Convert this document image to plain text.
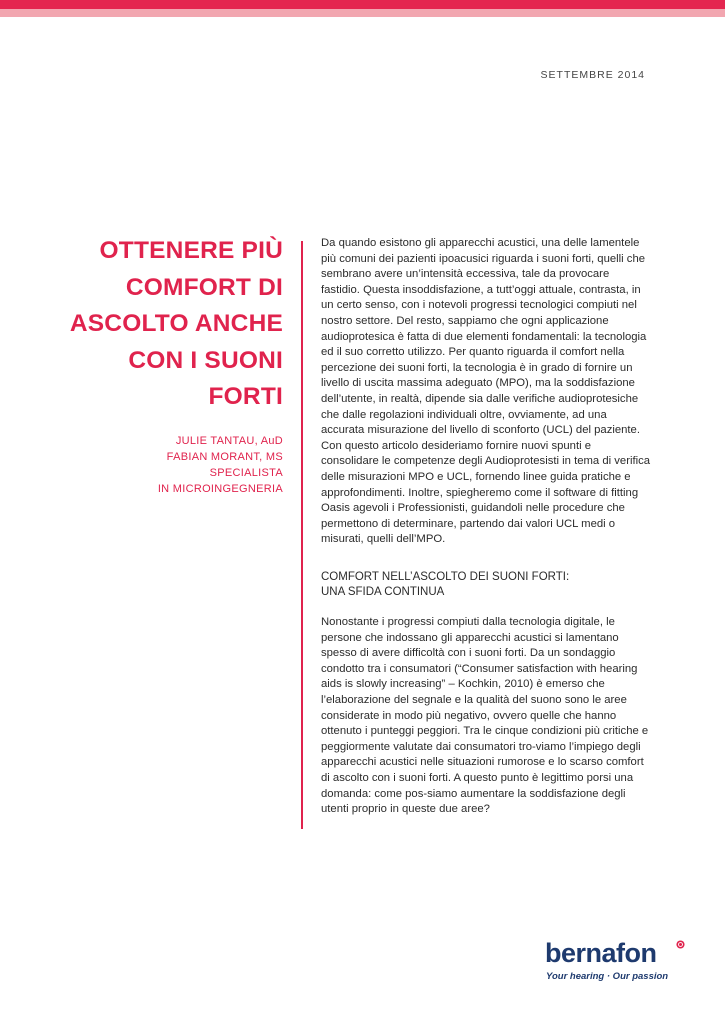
SETTEMBRE 2014
OTTENERE PIÙ
COMFORT DI
ASCOLTO ANCHE
CON I SUONI
FORTI
JULIE TANTAU, AuD
FABIAN MORANT, MS
SPECIALISTA
IN MICROINGEGNERIA

Da quando esistono gli apparecchi acustici, una delle lamentele più comuni dei pazienti ipoacusici riguarda i suoni forti, quelli che sembrano avere un’intensità eccessiva, tale da provocare fastidio. Questa insoddisfazione, a tutt’oggi attuale, contrasta, in un certo senso, con i notevoli progressi tecnologici compiuti nel nostro settore. Del resto, sappiamo che ogni applicazione audioprotesica è fatta di due elementi fondamentali: la tecnologia ed il suo corretto utilizzo. Per quanto riguarda il comfort nella percezione dei suoni forti, la tecnologia è in grado di fornire un livello di uscita massima adeguato (MPO), ma la soddisfazione dell’utente, in realtà, dipende sia dalle verifiche audioprotesiche che dalle regolazioni individuali oltre, ovviamente, ad una accurata misurazione del livello di sconforto (UCL) del paziente. Con questo articolo desideriamo fornire nuovi spunti e consolidare le competenze degli Audioprotesisti in tema di verifica delle misurazioni MPO e UCL, fornendo linee guida pratiche e approfondimenti. Inoltre, spiegheremo come il software di fitting Oasis agevoli i Professionisti, guidandoli nelle procedure che permettono di determinare, partendo dai valori UCL medi o misurati, quelli dell’MPO.

COMFORT NELL’ASCOLTO DEI SUONI FORTI:
UNA SFIDA CONTINUA

Nonostante i progressi compiuti dalla tecnologia digitale, le persone che indossano gli apparecchi acustici si lamentano spesso di avere difficoltà con i suoni forti. Da un sondaggio condotto tra i consumatori (“Consumer satisfaction with hearing aids is slowly increasing” – Kochkin, 2010) è emerso che l’elaborazione del segnale e la qualità del suono sono le aree considerate in modo più negativo, ovvero quelle che hanno ottenuto i punteggi peggiori. Tra le cinque condizioni più critiche e peggiormente valutate dai consumatori tro-viamo l’impiego degli apparecchi acustici nelle situazioni rumorose e lo scarso comfort di ascolto con i suoni forti. A questo punto è legittimo porsi una domanda: come pos-siamo aumentare la soddisfazione degli utenti proprio in queste due aree?

bernafon
Your hearing · Our passion
